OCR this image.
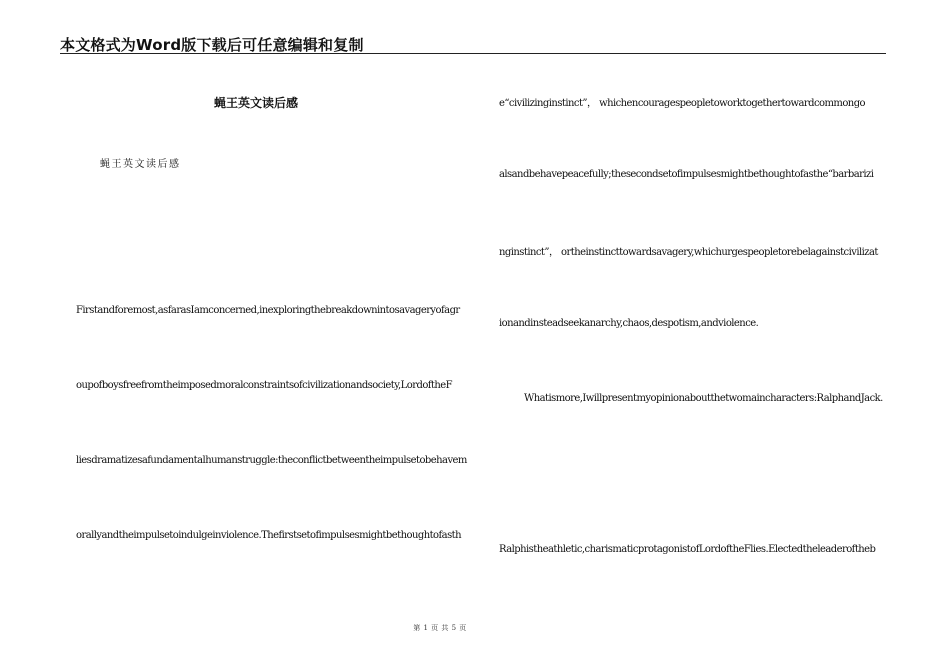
本文格式为Word版下载后可任意编辑和复制
蝇王英文读后感
蝇王英文读后感
Firstandforemost,asfarasIamconcerned,inexploringthebreakdownintosavageryofagr
oupofboysfreefromtheimposedmoralconstraintsofcivilizationandsociety,LordoftheF
liesdramatizesafundamentalhumanstruggle:theconflictbetweentheimpulsetobehavem
orallyandtheimpulsetoindulgeinviolence.Thefirstsetofimpulsesmightbethoughtofasth
e“civilizinginstinct”， whichencouragespeopletoworktogethertowardcommongo
alsandbehavepeacefully;thesecondsetofimpulsesmightbethoughtofasthe“barbarizi
nginstinct”， ortheinstincttowardsavagery,whichurgespeopletorebelagainstcivilizat
ionandinsteadseekanarchy,chaos,despotism,andviolence.
Whatismore,Iwillpresentmyopinionaboutthetwomaincharacters:RalphandJack.
Ralphistheathletic,charismaticprotagonistofLordoftheFlies.Electedtheleaderoftheb
第 1 页 共 5 页
